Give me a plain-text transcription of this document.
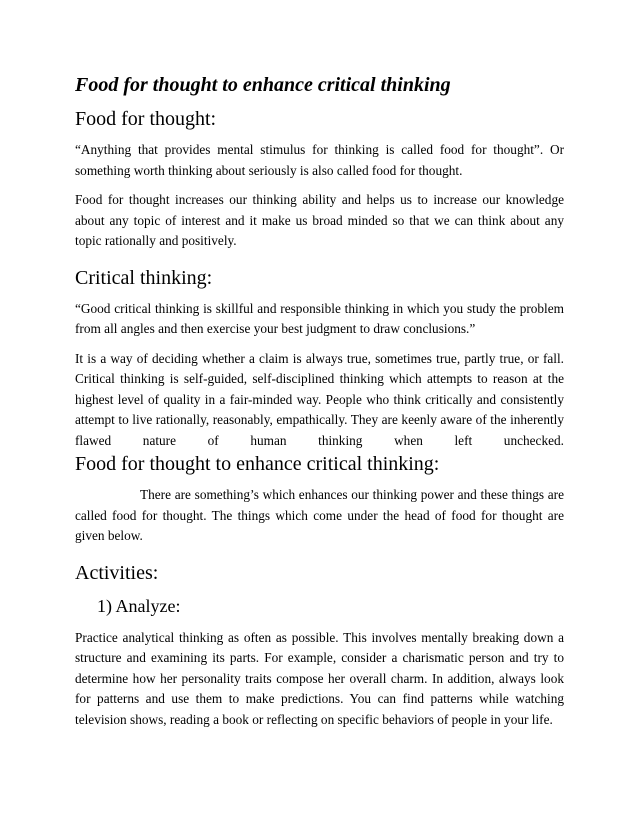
Food for thought to enhance critical thinking
Food for thought:

“Anything that provides mental stimulus for thinking is called food for thought”. Or something worth thinking about seriously is also called food for thought.

Food for thought increases our thinking ability and helps us to increase our knowledge about any topic of interest and it make us broad minded so that we can think about any topic rationally and positively.

Critical thinking:

“Good critical thinking is skillful and responsible thinking in which you study the problem from all angles and then exercise your best judgment to draw conclusions.”

It is a way of deciding whether a claim is always true, sometimes true, partly true, or fall. Critical thinking is self-guided, self-disciplined thinking which attempts to reason at the highest level of quality in a fair-minded way. People who think critically and consistently attempt to live rationally, reasonably, empathically. They are keenly aware of the inherently flawed nature of human thinking when left unchecked.

Food for thought to enhance critical thinking:

There are something’s which enhances our thinking power and these things are called food for thought. The things which come under the head of food for thought are given below.

Activities:
1) Analyze:

Practice analytical thinking as often as possible. This involves mentally breaking down a structure and examining its parts. For example, consider a charismatic person and try to determine how her personality traits compose her overall charm. In addition, always look for patterns and use them to make predictions. You can find patterns while watching television shows, reading a book or reflecting on specific behaviors of people in your life.
